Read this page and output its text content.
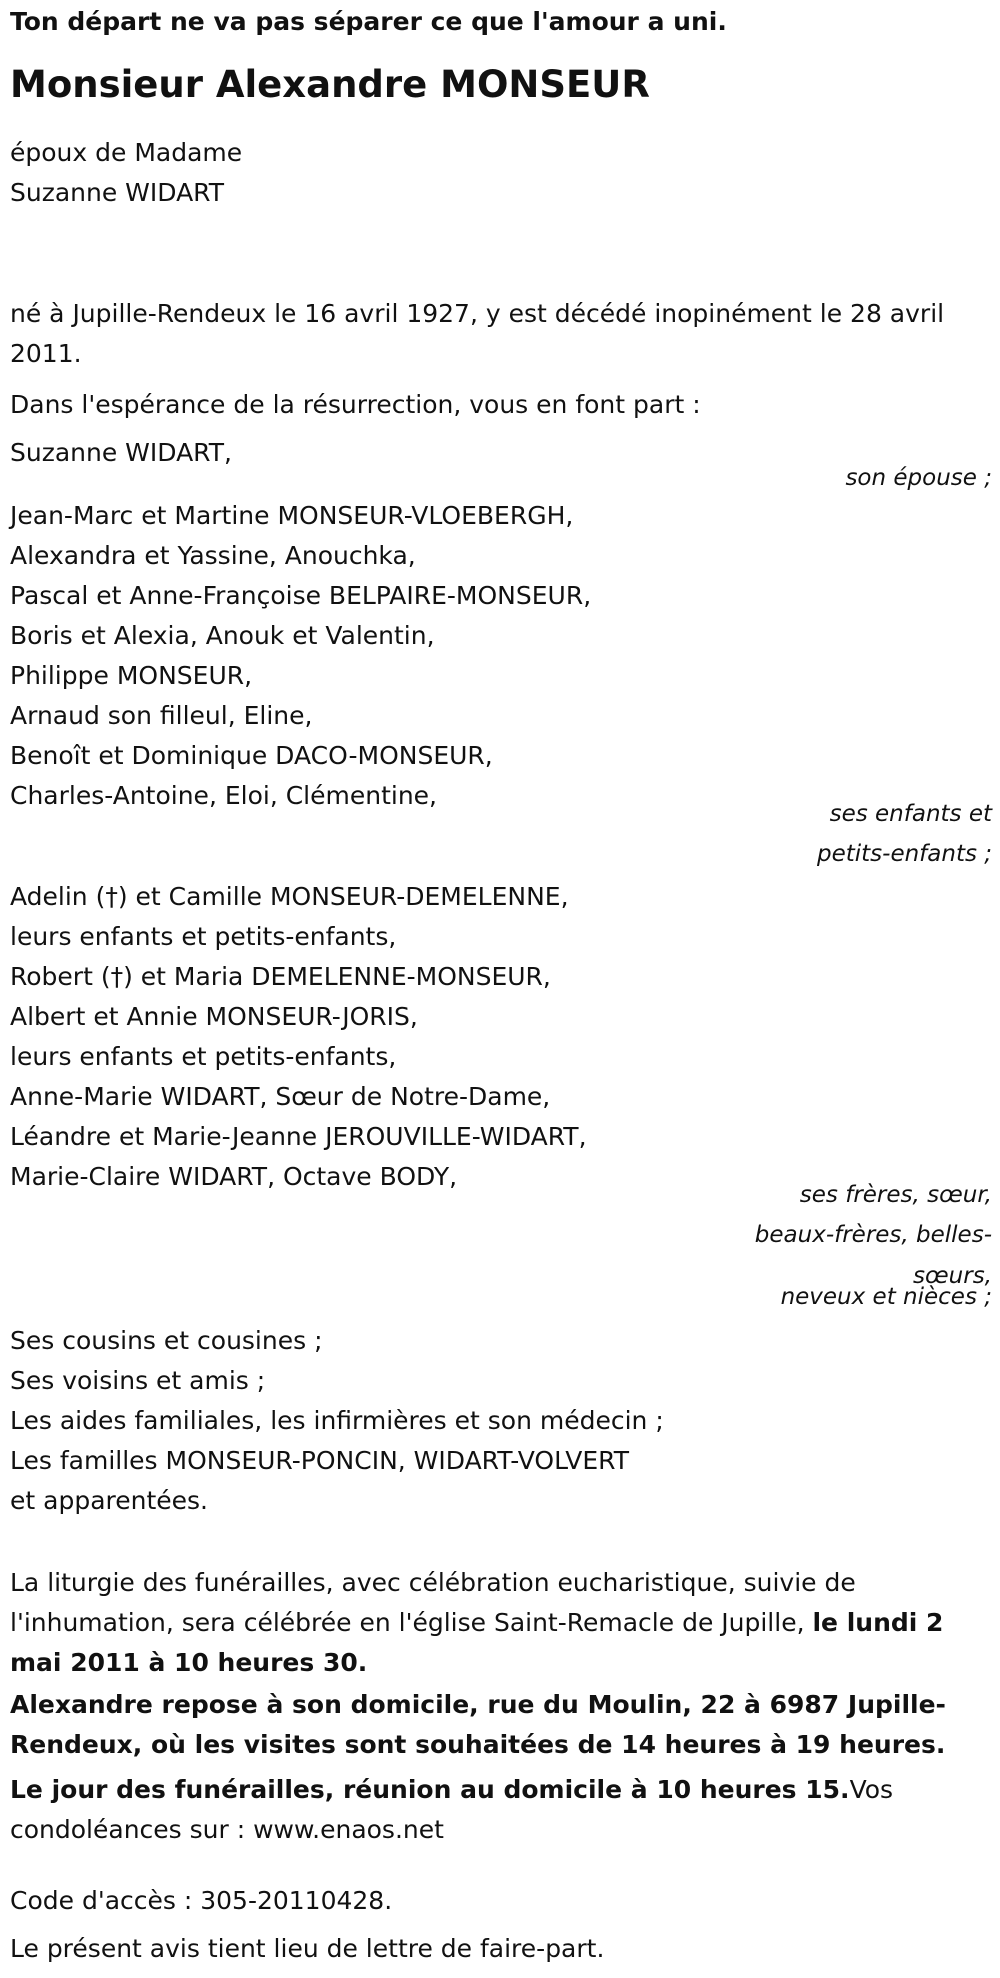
Ton départ ne va pas séparer ce que l'amour a uni.
Monsieur Alexandre MONSEUR
époux de Madame
Suzanne WIDART
né à Jupille-Rendeux le 16 avril 1927, y est décédé inopinément le 28 avril
2011.
Dans l'espérance de la résurrection, vous en font part :
Suzanne WIDART,
son épouse ;
Jean-Marc et Martine MONSEUR-VLOEBERGH,
Alexandra et Yassine, Anouchka,
Pascal et Anne-Françoise BELPAIRE-MONSEUR,
Boris et Alexia, Anouk et Valentin,
Philippe MONSEUR,
Arnaud son filleul, Eline,
Benoît et Dominique DACO-MONSEUR,
Charles-Antoine, Eloi, Clémentine,
ses enfants et
petits-enfants ;
Adelin (†) et Camille MONSEUR-DEMELENNE,
leurs enfants et petits-enfants,
Robert (†) et Maria DEMELENNE-MONSEUR,
Albert et Annie MONSEUR-JORIS,
leurs enfants et petits-enfants,
Anne-Marie WIDART, Sœur de Notre-Dame,
Léandre et Marie-Jeanne JEROUVILLE-WIDART,
Marie-Claire WIDART, Octave BODY,
ses frères, sœur,
beaux-frères, belles-
sœurs,
neveux et nièces ;
Ses cousins et cousines ;
Ses voisins et amis ;
Les aides familiales, les infirmières et son médecin ;
Les familles MONSEUR-PONCIN, WIDART-VOLVERT
et apparentées.
La liturgie des funérailles, avec célébration eucharistique, suivie de
l'inhumation, sera célébrée en l'église Saint-Remacle de Jupille, le lundi 2
mai 2011 à 10 heures 30.
Alexandre repose à son domicile, rue du Moulin, 22 à 6987 Jupille-
Rendeux, où les visites sont souhaitées de 14 heures à 19 heures.
Le jour des funérailles, réunion au domicile à 10 heures 15.Vos
condoléances sur : www.enaos.net
Code d'accès : 305-20110428.
Le présent avis tient lieu de lettre de faire-part.
